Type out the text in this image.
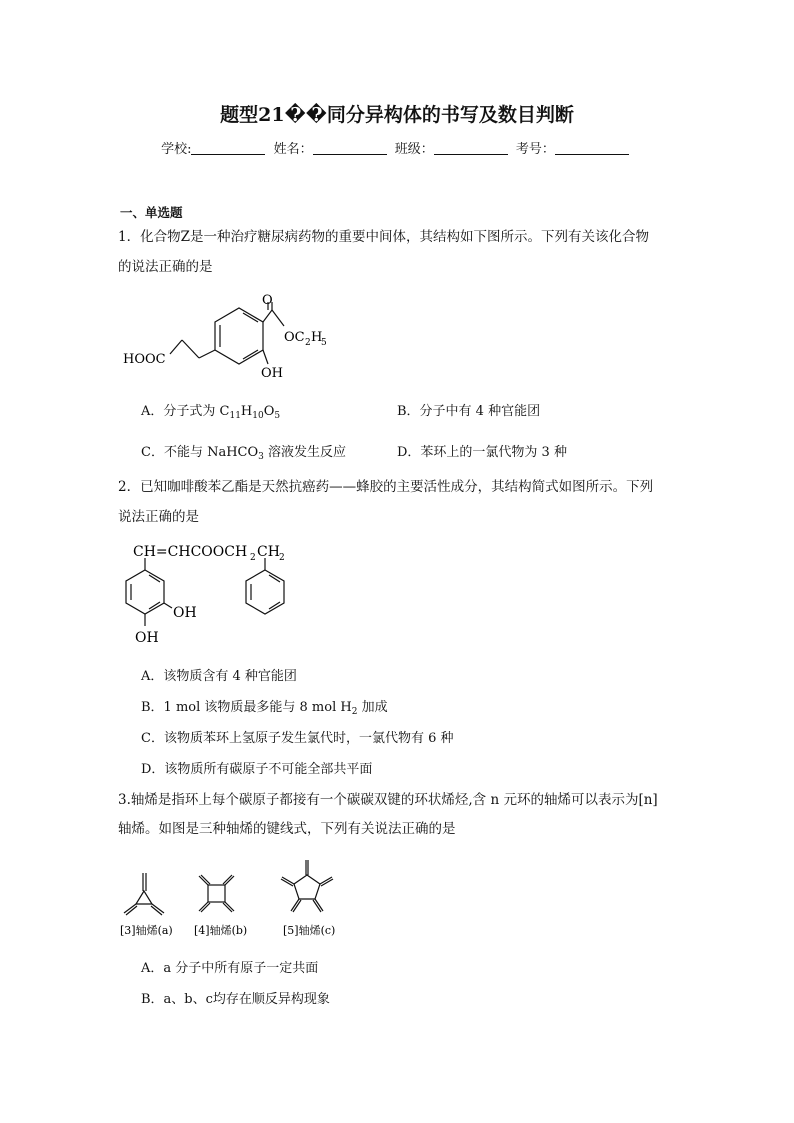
题型21��同分异构体的书写及数目判断
学校:	姓名：	班级：	考号：
一、单选题
1．化合物Z是一种治疗糖尿病药物的重要中间体，其结构如下图所示。下列有关该化合物
的说法正确的是
O
OC 2 H
5
HOOC
OH
A．分子式为 $C_{11}H_{10}O_5$	B．分子中有 4 种官能团
C．不能与 NaHCO$_3$ 溶液发生反应	D．苯环上的一氯代物为 3 种
2．已知咖啡酸苯乙酯是天然抗癌药——蜂胶的主要活性成分，其结构简式如图所示。下列
说法正确的是
CH=CHCOOCH 2 CH 2
OH
OH
A．该物质含有 4 种官能团
B．1 mol 该物质最多能与 8 mol $H_2$ 加成
C．该物质苯环上氢原子发生氯代时，一氯代物有 6 种
D．该物质所有碳原子不可能全部共平面
3.轴烯是指环上每个碳原子都接有一个碳碳双键的环状烯烃,含 n 元环的轴烯可以表示为[n]
轴烯。如图是三种轴烯的键线式，下列有关说法正确的是
[3]轴烯(a) [4]轴烯(b)	[5]轴烯(c)
A．a 分子中所有原子一定共面
B．a、b、c均存在顺反异构现象
